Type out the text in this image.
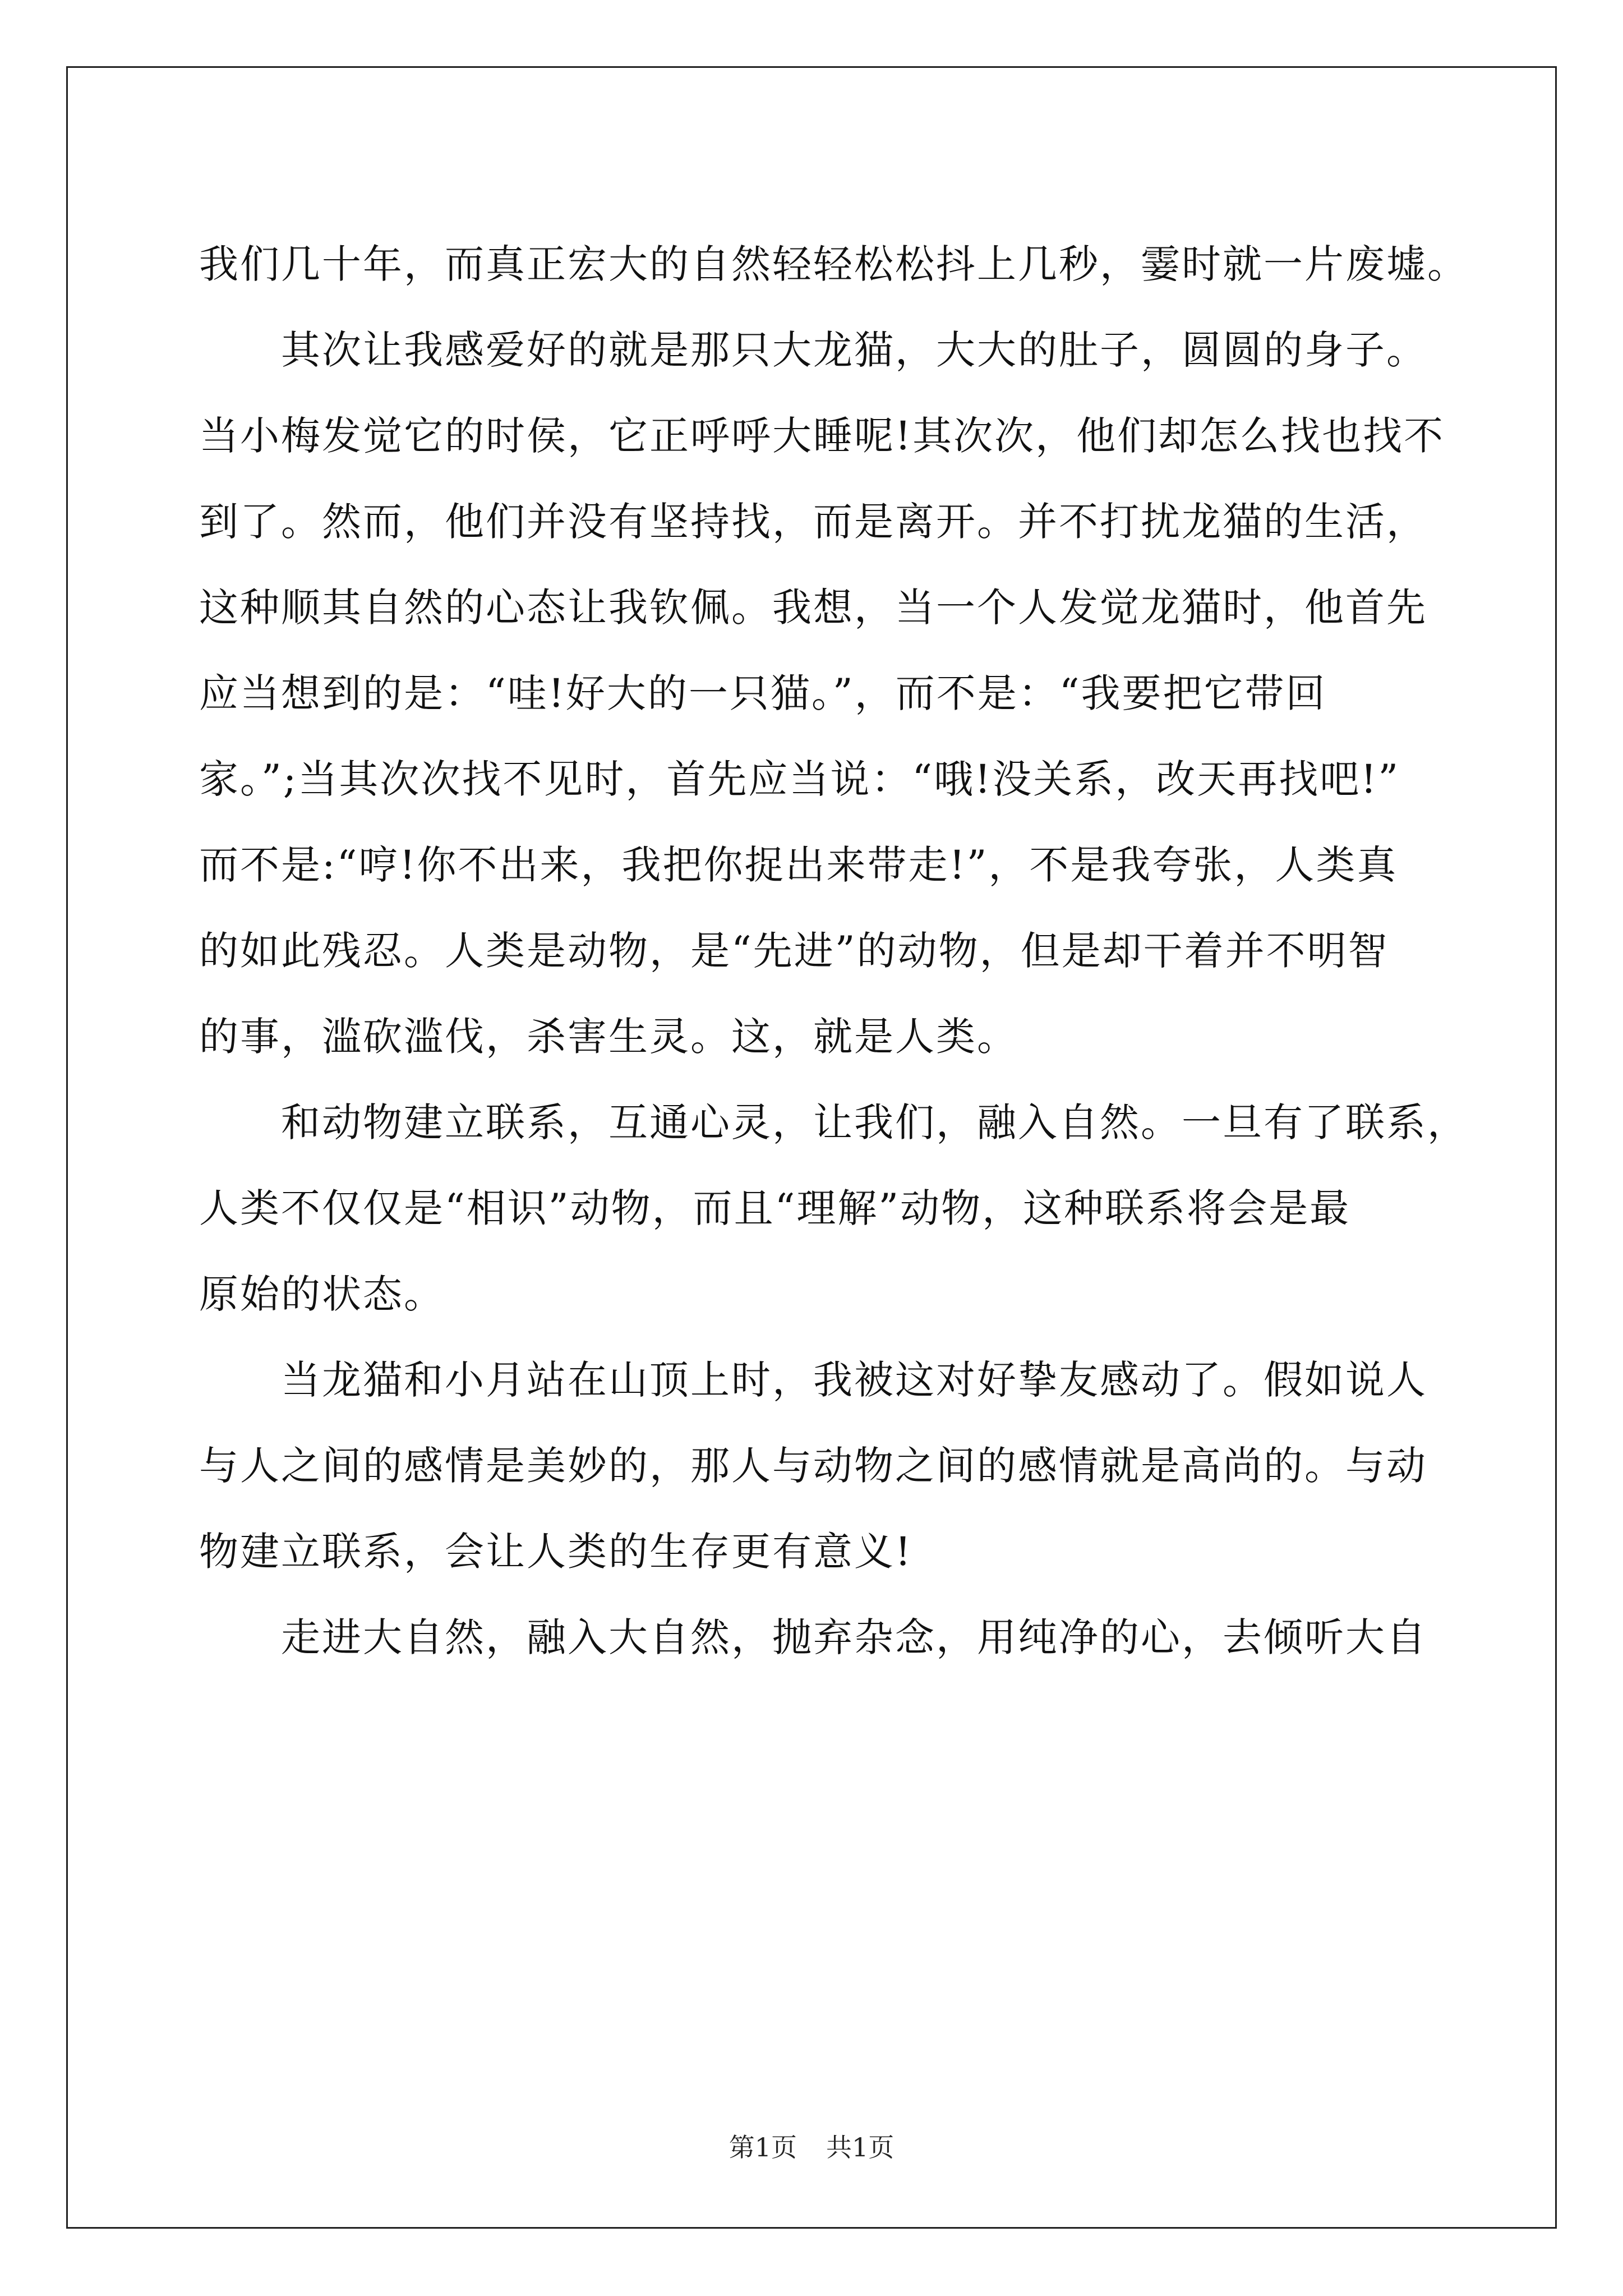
我们几十年，而真正宏大的自然轻轻松松抖上几秒，霎时就一片废墟。
　　其次让我感爱好的就是那只大龙猫，大大的肚子，圆圆的身子。
当小梅发觉它的时侯，它正呼呼大睡呢!其次次，他们却怎么找也找不
到了。然而，他们并没有坚持找，而是离开。并不打扰龙猫的生活，
这种顺其自然的心态让我钦佩。我想，当一个人发觉龙猫时，他首先
应当想到的是：“哇!好大的一只猫。”，而不是：“我要把它带回
家。”;当其次次找不见时，首先应当说：“哦!没关系，改天再找吧!”
而不是:“哼!你不出来，我把你捉出来带走!”，不是我夸张，人类真
的如此残忍。人类是动物，是“先进”的动物，但是却干着并不明智
的事，滥砍滥伐，杀害生灵。这，就是人类。
　　和动物建立联系，互通心灵，让我们，融入自然。一旦有了联系，
人类不仅仅是“相识”动物，而且“理解”动物，这种联系将会是最
原始的状态。
　　当龙猫和小月站在山顶上时，我被这对好挚友感动了。假如说人
与人之间的感情是美妙的，那人与动物之间的感情就是高尚的。与动
物建立联系，会让人类的生存更有意义!
　　走进大自然，融入大自然，抛弃杂念，用纯净的心，去倾听大自
第1页 共1页
